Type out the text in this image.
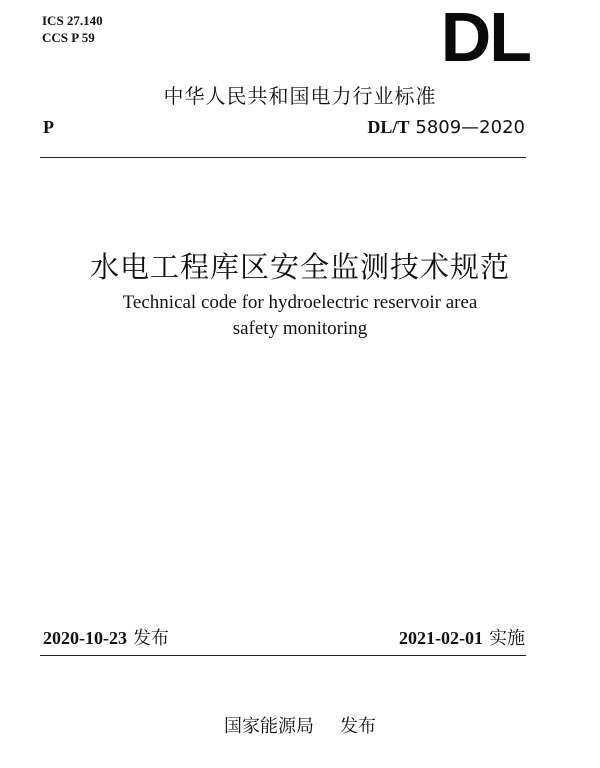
ICS 27.140
CCS P 59	DL
中华人民共和国电力行业标准
P	DL/T 5809—2020
水电工程库区安全监测技术规范
Technical code for hydroelectric reservoir area
safety monitoring
2020-10-23 发布	2021-02-01 实施
国家能源局 发布
